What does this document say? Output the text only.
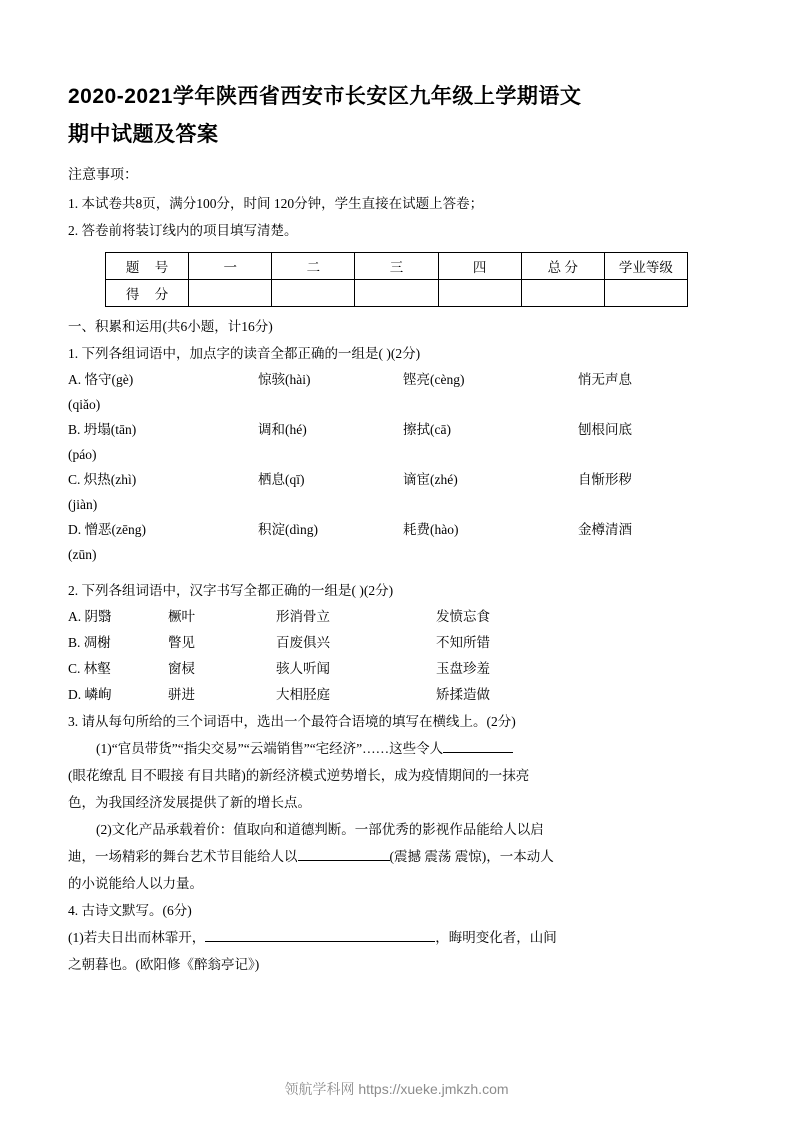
2020-2021学年陕西省西安市长安区九年级上学期语文
期中试题及答案
注意事项：
1. 本试卷共8页，满分100分，时间 120分钟，学生直接在试题上答卷；
2. 答卷前将装订线内的项目填写清楚。
题 号	一	二	三	四	总 分	学业等级
得 分						
一、积累和运用(共6小题，计16分)
1. 下列各组词语中，加点字的读音全都正确的一组是( )(2分)
A. 恪守(gè)	惊骇(hài)	铿亮(cèng)	悄无声息
(qiǎo)
B. 坍塌(tān)	调和(hé)	擦拭(cā)	刨根问底
(páo)
C. 炽热(zhì)	栖息(qī)	谪宦(zhé)	自惭形秽
(jiàn)
D. 憎恶(zēng)	积淀(dìng)	耗费(hào)	金樽清酒
(zūn)
2. 下列各组词语中，汉字书写全都正确的一组是( )(2分)
A. 阴翳	橛叶	形消骨立	发愤忘食
B. 凋榭	瞥见	百废俱兴	不知所错
C. 林壑	窗棂	骇人听闻	玉盘珍羞
D. 嶙峋	骈进	大相胫庭	矫揉造做
3. 请从每句所给的三个词语中，选出一个最符合语境的填写在横线上。(2分)
(1)“官员带货”“指尖交易”“云端销售”“宅经济”……这些令人
(眼花缭乱 目不暇接 有目共睹)的新经济模式逆势增长，成为疫情期间的一抹亮
色，为我国经济发展提供了新的增长点。
(2)文化产品承载着价：值取向和道德判断。一部优秀的影视作品能给人以启
迪，一场精彩的舞台艺术节目能给人以	(震撼 震荡 震惊)，一本动人
的小说能给人以力量。
4. 古诗文默写。(6分)
(1)若夫日出而林霏开，	，晦明变化者，山间
之朝暮也。(欧阳修《醉翁亭记》)
领航学科网 https://xueke.jmkzh.com
